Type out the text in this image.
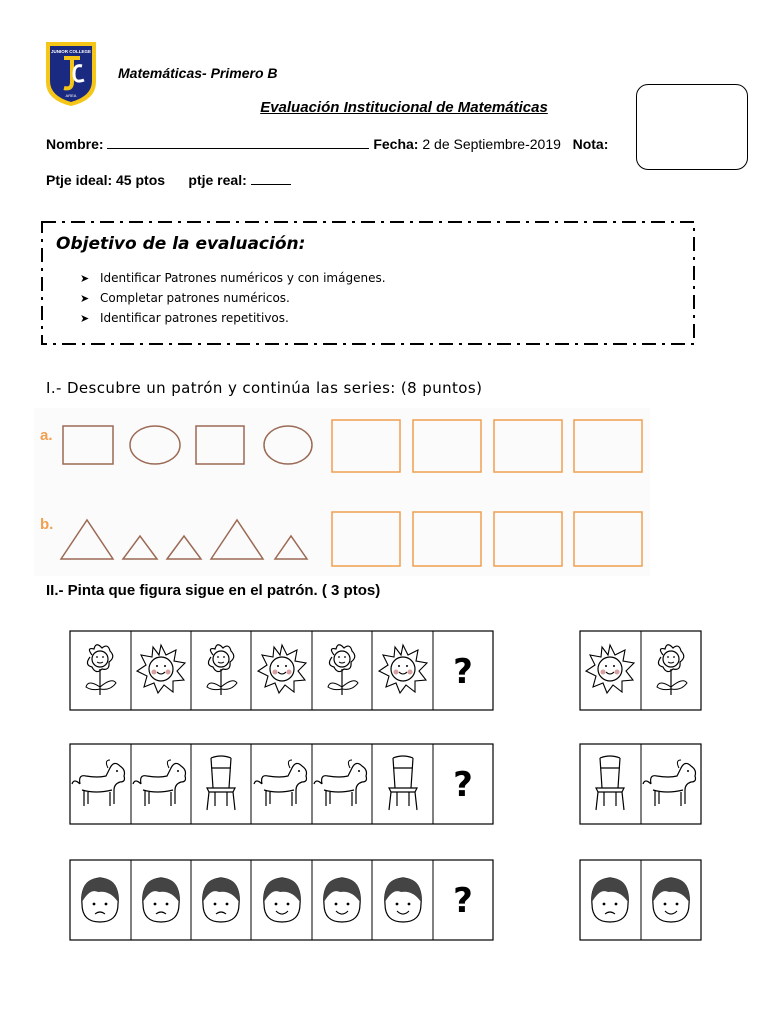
JUNIOR COLLEGE
AREA
Matemáticas- Primero B
Evaluación Institucional de Matemáticas
Nombre:	Fecha: 2 de Septiembre-2019 Nota:
Ptje ideal: 45 ptos ptje real:
Objetivo de la evaluación:
➤ Identificar Patrones numéricos y con imágenes.
➤ Completar patrones numéricos.
➤ Identificar patrones repetitivos.
I.- Descubre un patrón y continúa las series: (8 puntos)
a.
b.
II.- Pinta que figura sigue en el patrón. ( 3 ptos)
?
?
?
